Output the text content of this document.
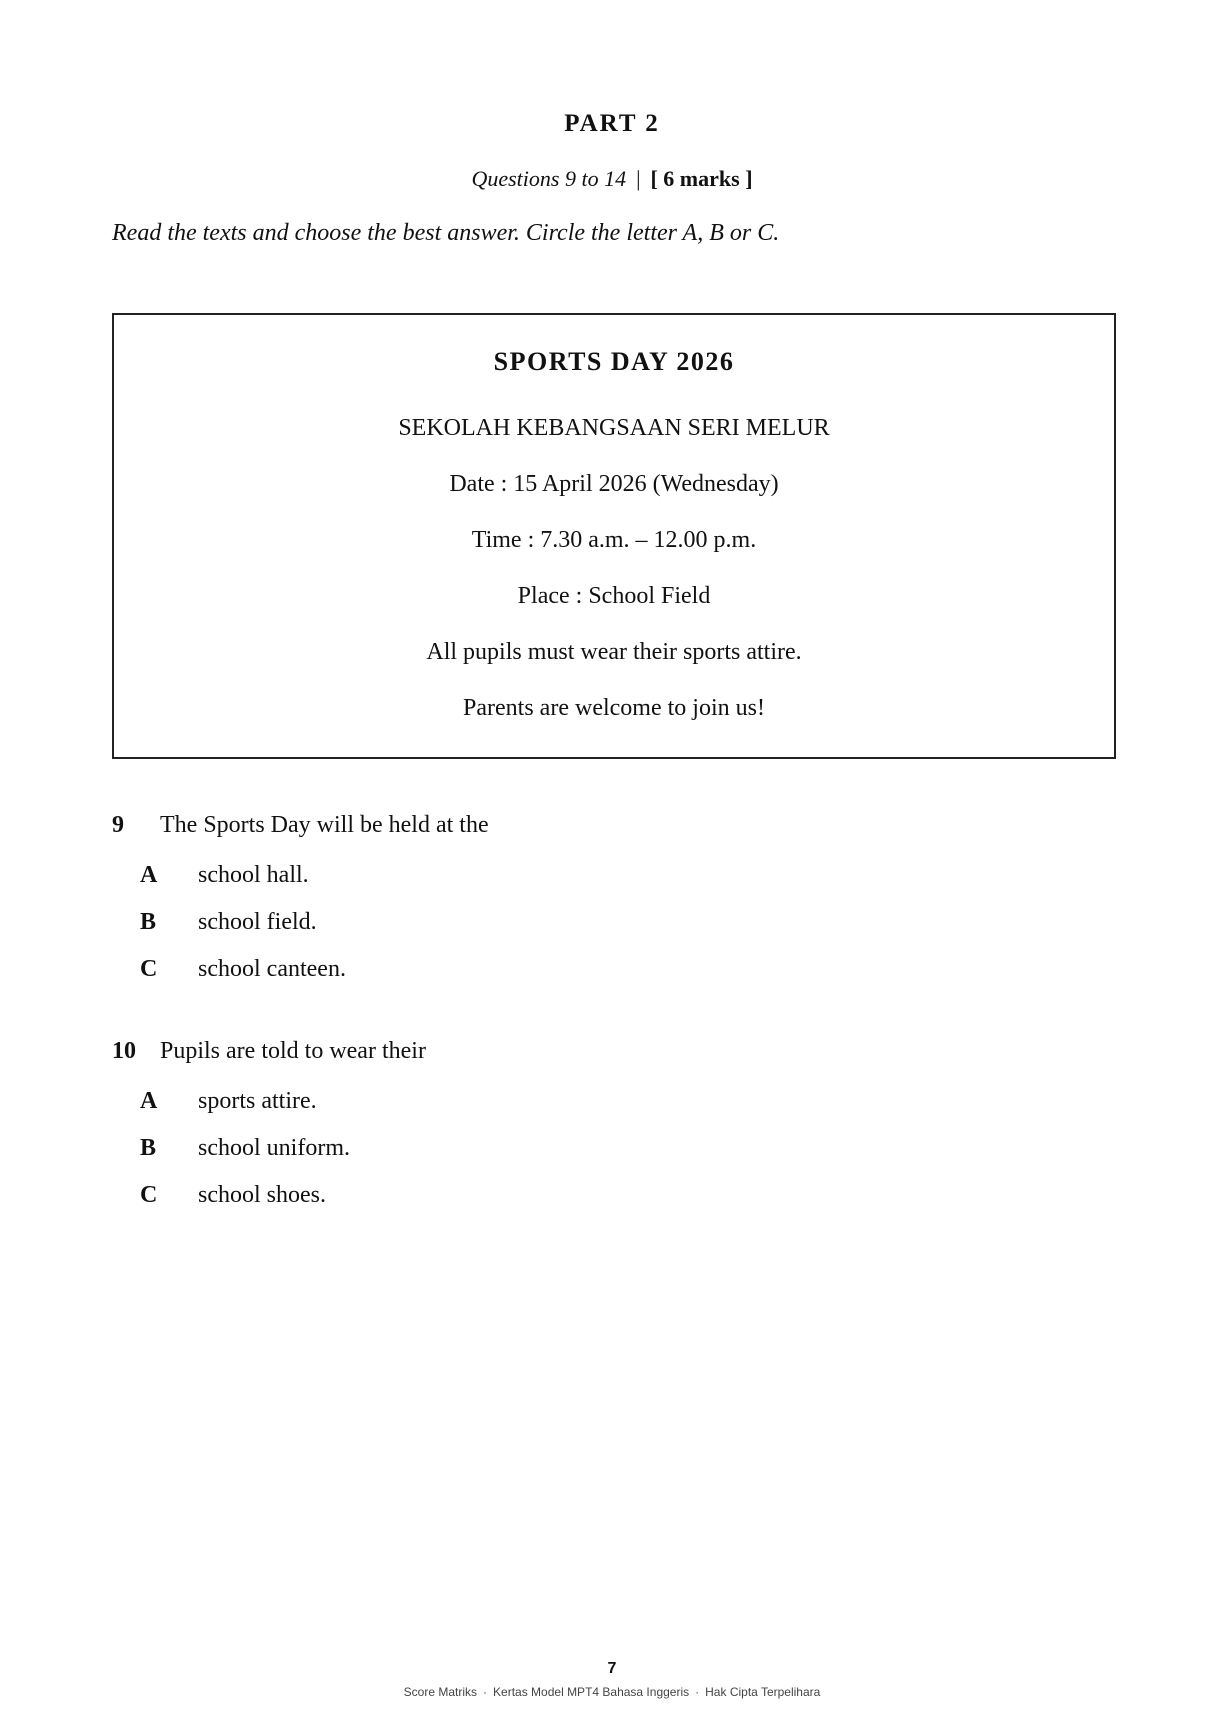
PART 2
Questions 9 to 14 | [ 6 marks ]
Read the texts and choose the best answer. Circle the letter A, B or C.
SPORTS DAY 2026
SEKOLAH KEBANGSAAN SERI MELUR
Date : 15 April 2026 (Wednesday)
Time : 7.30 a.m. – 12.00 p.m.
Place : School Field
All pupils must wear their sports attire.
Parents are welcome to join us!
9 The Sports Day will be held at the
A school hall.
B school field.
C school canteen.
10 Pupils are told to wear their
A sports attire.
B school uniform.
C school shoes.
7
Score Matriks · Kertas Model MPT4 Bahasa Inggeris · Hak Cipta Terpelihara
